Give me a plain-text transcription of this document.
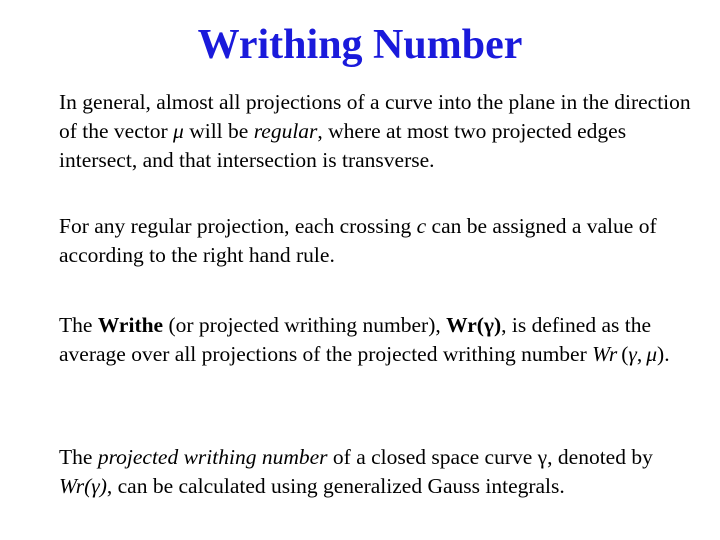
Writhing Number
In general, almost all projections of a curve into the plane in the direction of the vector μ will be regular, where at most two projected edges intersect, and that intersection is transverse.
For any regular projection, each crossing c can be assigned a value of according to the right hand rule.
The Writhe (or projected writhing number), Wr(γ), is defined as the average over all projections of the projected writhing number Wr (γ, μ).
The projected writhing number of a closed space curve γ, denoted by Wr(γ), can be calculated using generalized Gauss integrals.
